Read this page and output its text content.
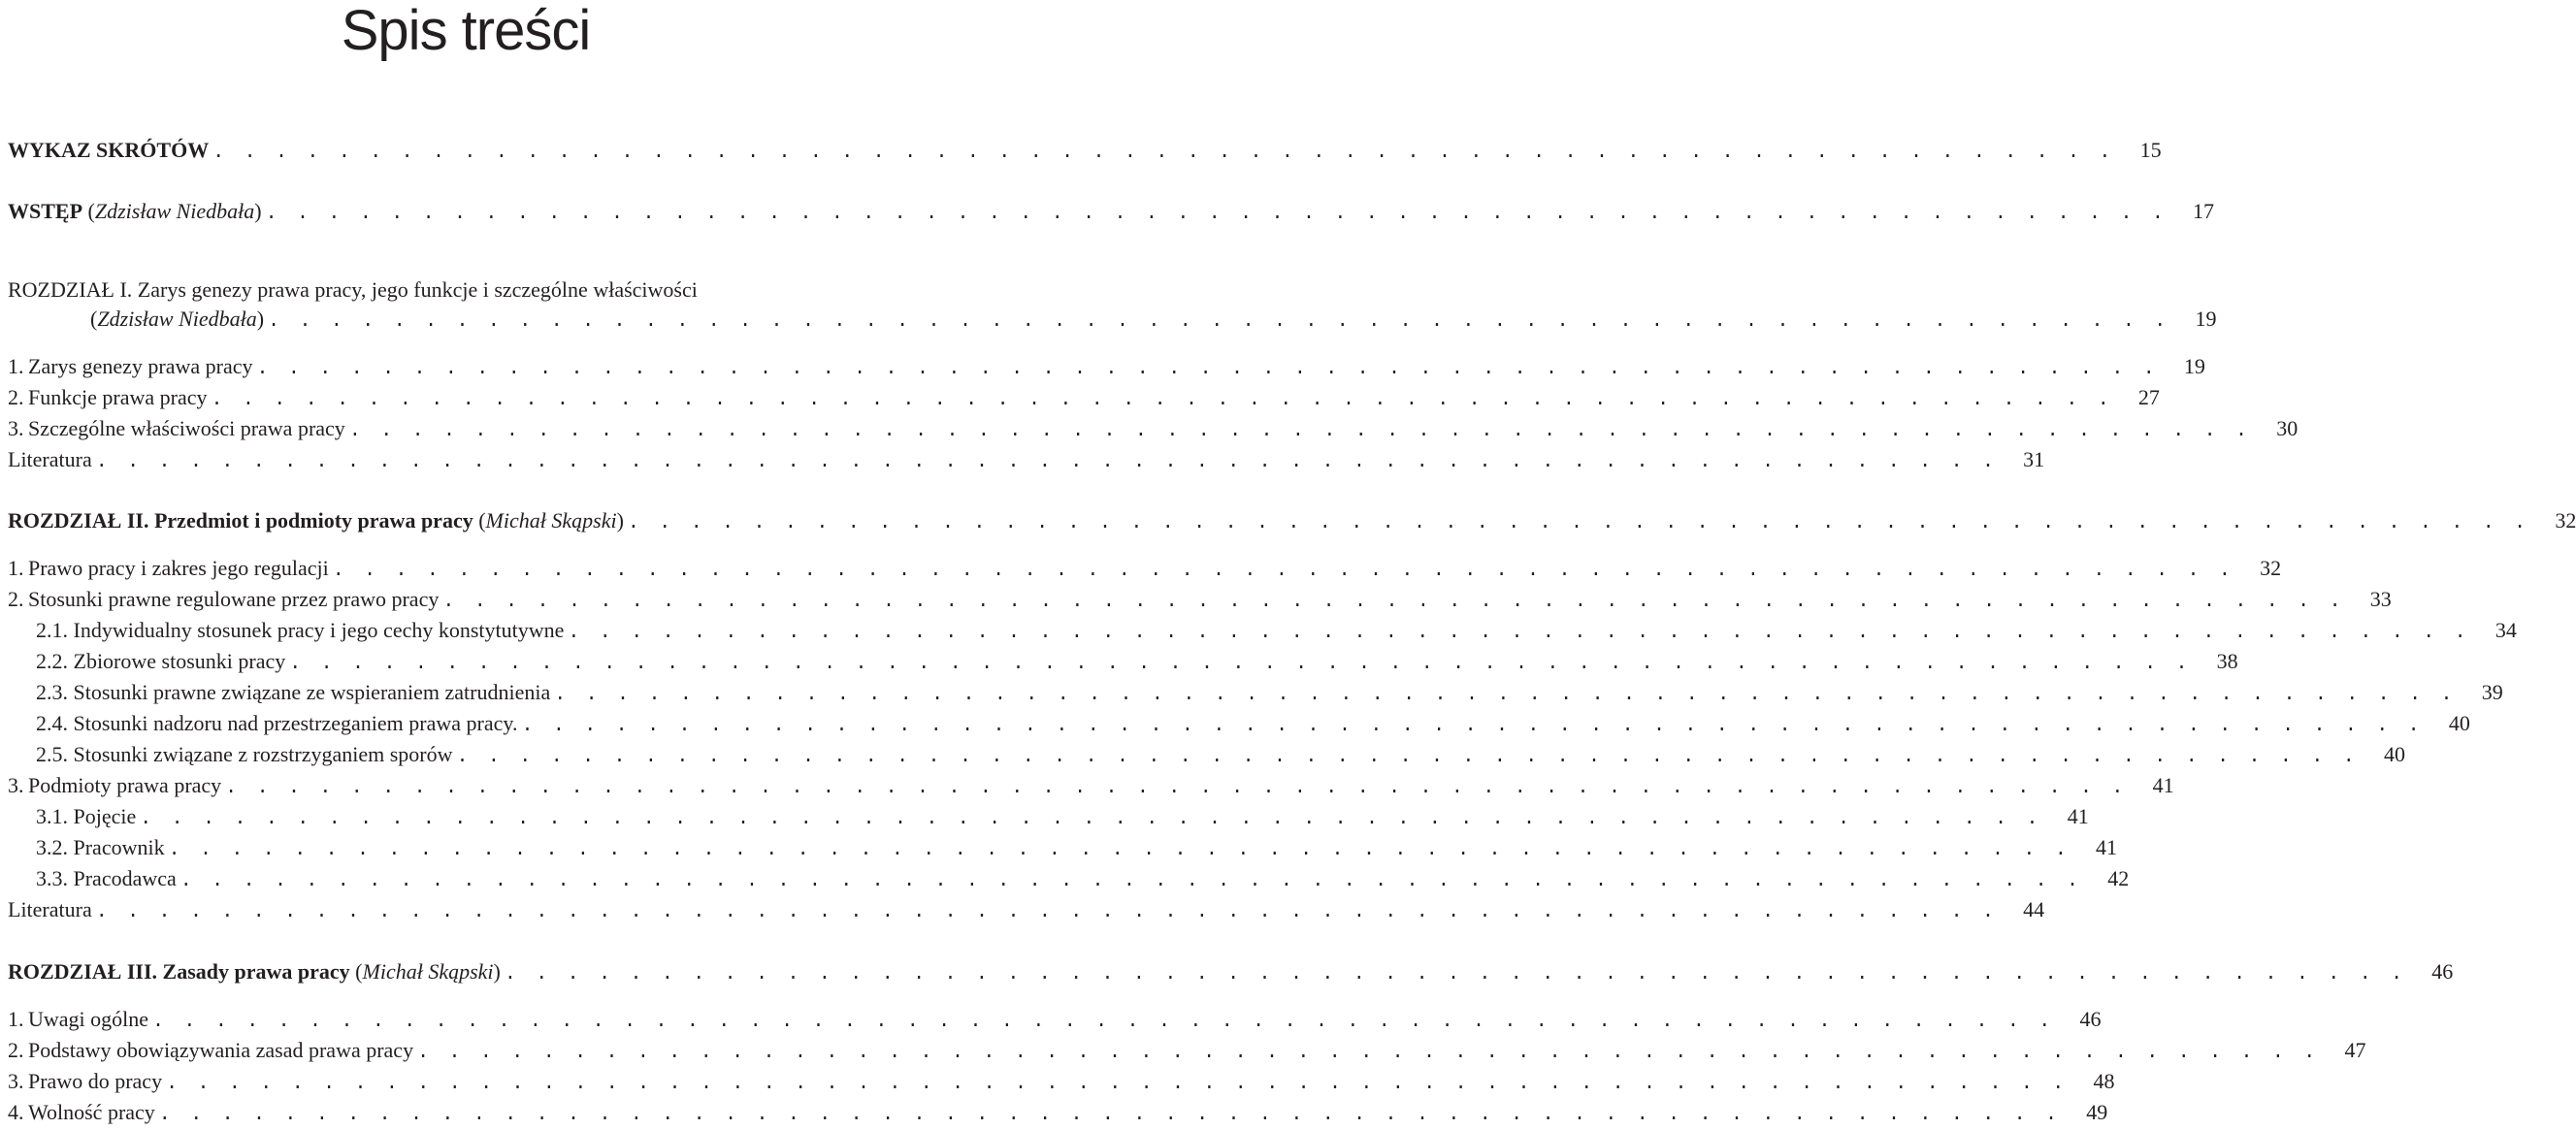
Spis treści
WYKAZ SKRÓTÓW . . . . . . . . . . . . . . . . . . . . . . . . . . . . . . . . . . . . . . . . . . . . . . . . . . . . . . . . . . . . .	15
WSTĘP (Zdzisław Niedbała) . . . . . . . . . . . . . . . . . . . . . . . . . . . . . . . . . . . . . . . . . . . . . . . . . . . . . . . . . . . . .	17
ROZDZIAŁ I. Zarys genezy prawa pracy, jego funkcje i szczególne właściwości
(Zdzisław Niedbała) . . . . . . . . . . . . . . . . . . . . . . . . . . . . . . . . . . . . . . . . . . . . . . . . . . . . . . . . . . . . .	19
1. Zarys genezy prawa pracy . . . . . . . . . . . . . . . . . . . . . . . . . . . . . . . . . . . . . . . . . . . . . . . . . . . . . . . . . . . . .	19
2. Funkcje prawa pracy . . . . . . . . . . . . . . . . . . . . . . . . . . . . . . . . . . . . . . . . . . . . . . . . . . . . . . . . . . . . .	27
3. Szczególne właściwości prawa pracy . . . . . . . . . . . . . . . . . . . . . . . . . . . . . . . . . . . . . . . . . . . . . . . . . . . . . . . . . . . . .	30
Literatura . . . . . . . . . . . . . . . . . . . . . . . . . . . . . . . . . . . . . . . . . . . . . . . . . . . . . . . . . . . . .	31
ROZDZIAŁ II. Przedmiot i podmioty prawa pracy (Michał Skąpski) . . . . . . . . . . . . . . . . . . . . . . . . . . . . . . . . . . . . . . . . . . . . . . . . . . . . . . . . . . . . .	32
1. Prawo pracy i zakres jego regulacji . . . . . . . . . . . . . . . . . . . . . . . . . . . . . . . . . . . . . . . . . . . . . . . . . . . . . . . . . . . . .	32
2. Stosunki prawne regulowane przez prawo pracy . . . . . . . . . . . . . . . . . . . . . . . . . . . . . . . . . . . . . . . . . . . . . . . . . . . . . . . . . . . . .	33
2.1. Indywidualny stosunek pracy i jego cechy konstytutywne . . . . . . . . . . . . . . . . . . . . . . . . . . . . . . . . . . . . . . . . . . . . . . . . . . . . . . . . . . . . .	34
2.2. Zbiorowe stosunki pracy . . . . . . . . . . . . . . . . . . . . . . . . . . . . . . . . . . . . . . . . . . . . . . . . . . . . . . . . . . . . .	38
2.3. Stosunki prawne związane ze wspieraniem zatrudnienia . . . . . . . . . . . . . . . . . . . . . . . . . . . . . . . . . . . . . . . . . . . . . . . . . . . . . . . . . . . . .	39
2.4. Stosunki nadzoru nad przestrzeganiem prawa pracy. . . . . . . . . . . . . . . . . . . . . . . . . . . . . . . . . . . . . . . . . . . . . . . . . . . . . . . . . . . . . .	40
2.5. Stosunki związane z rozstrzyganiem sporów . . . . . . . . . . . . . . . . . . . . . . . . . . . . . . . . . . . . . . . . . . . . . . . . . . . . . . . . . . . . .	40
3. Podmioty prawa pracy . . . . . . . . . . . . . . . . . . . . . . . . . . . . . . . . . . . . . . . . . . . . . . . . . . . . . . . . . . . . .	41
3.1. Pojęcie . . . . . . . . . . . . . . . . . . . . . . . . . . . . . . . . . . . . . . . . . . . . . . . . . . . . . . . . . . . . .	41
3.2. Pracownik . . . . . . . . . . . . . . . . . . . . . . . . . . . . . . . . . . . . . . . . . . . . . . . . . . . . . . . . . . . . .	41
3.3. Pracodawca . . . . . . . . . . . . . . . . . . . . . . . . . . . . . . . . . . . . . . . . . . . . . . . . . . . . . . . . . . . . .	42
Literatura . . . . . . . . . . . . . . . . . . . . . . . . . . . . . . . . . . . . . . . . . . . . . . . . . . . . . . . . . . . . .	44
ROZDZIAŁ III. Zasady prawa pracy (Michał Skąpski) . . . . . . . . . . . . . . . . . . . . . . . . . . . . . . . . . . . . . . . . . . . . . . . . . . . . . . . . . . . . .	46
1. Uwagi ogólne . . . . . . . . . . . . . . . . . . . . . . . . . . . . . . . . . . . . . . . . . . . . . . . . . . . . . . . . . . . . .	46
2. Podstawy obowiązywania zasad prawa pracy . . . . . . . . . . . . . . . . . . . . . . . . . . . . . . . . . . . . . . . . . . . . . . . . . . . . . . . . . . . . .	47
3. Prawo do pracy . . . . . . . . . . . . . . . . . . . . . . . . . . . . . . . . . . . . . . . . . . . . . . . . . . . . . . . . . . . . .	48
4. Wolność pracy . . . . . . . . . . . . . . . . . . . . . . . . . . . . . . . . . . . . . . . . . . . . . . . . . . . . . . . . . . . . .	49
